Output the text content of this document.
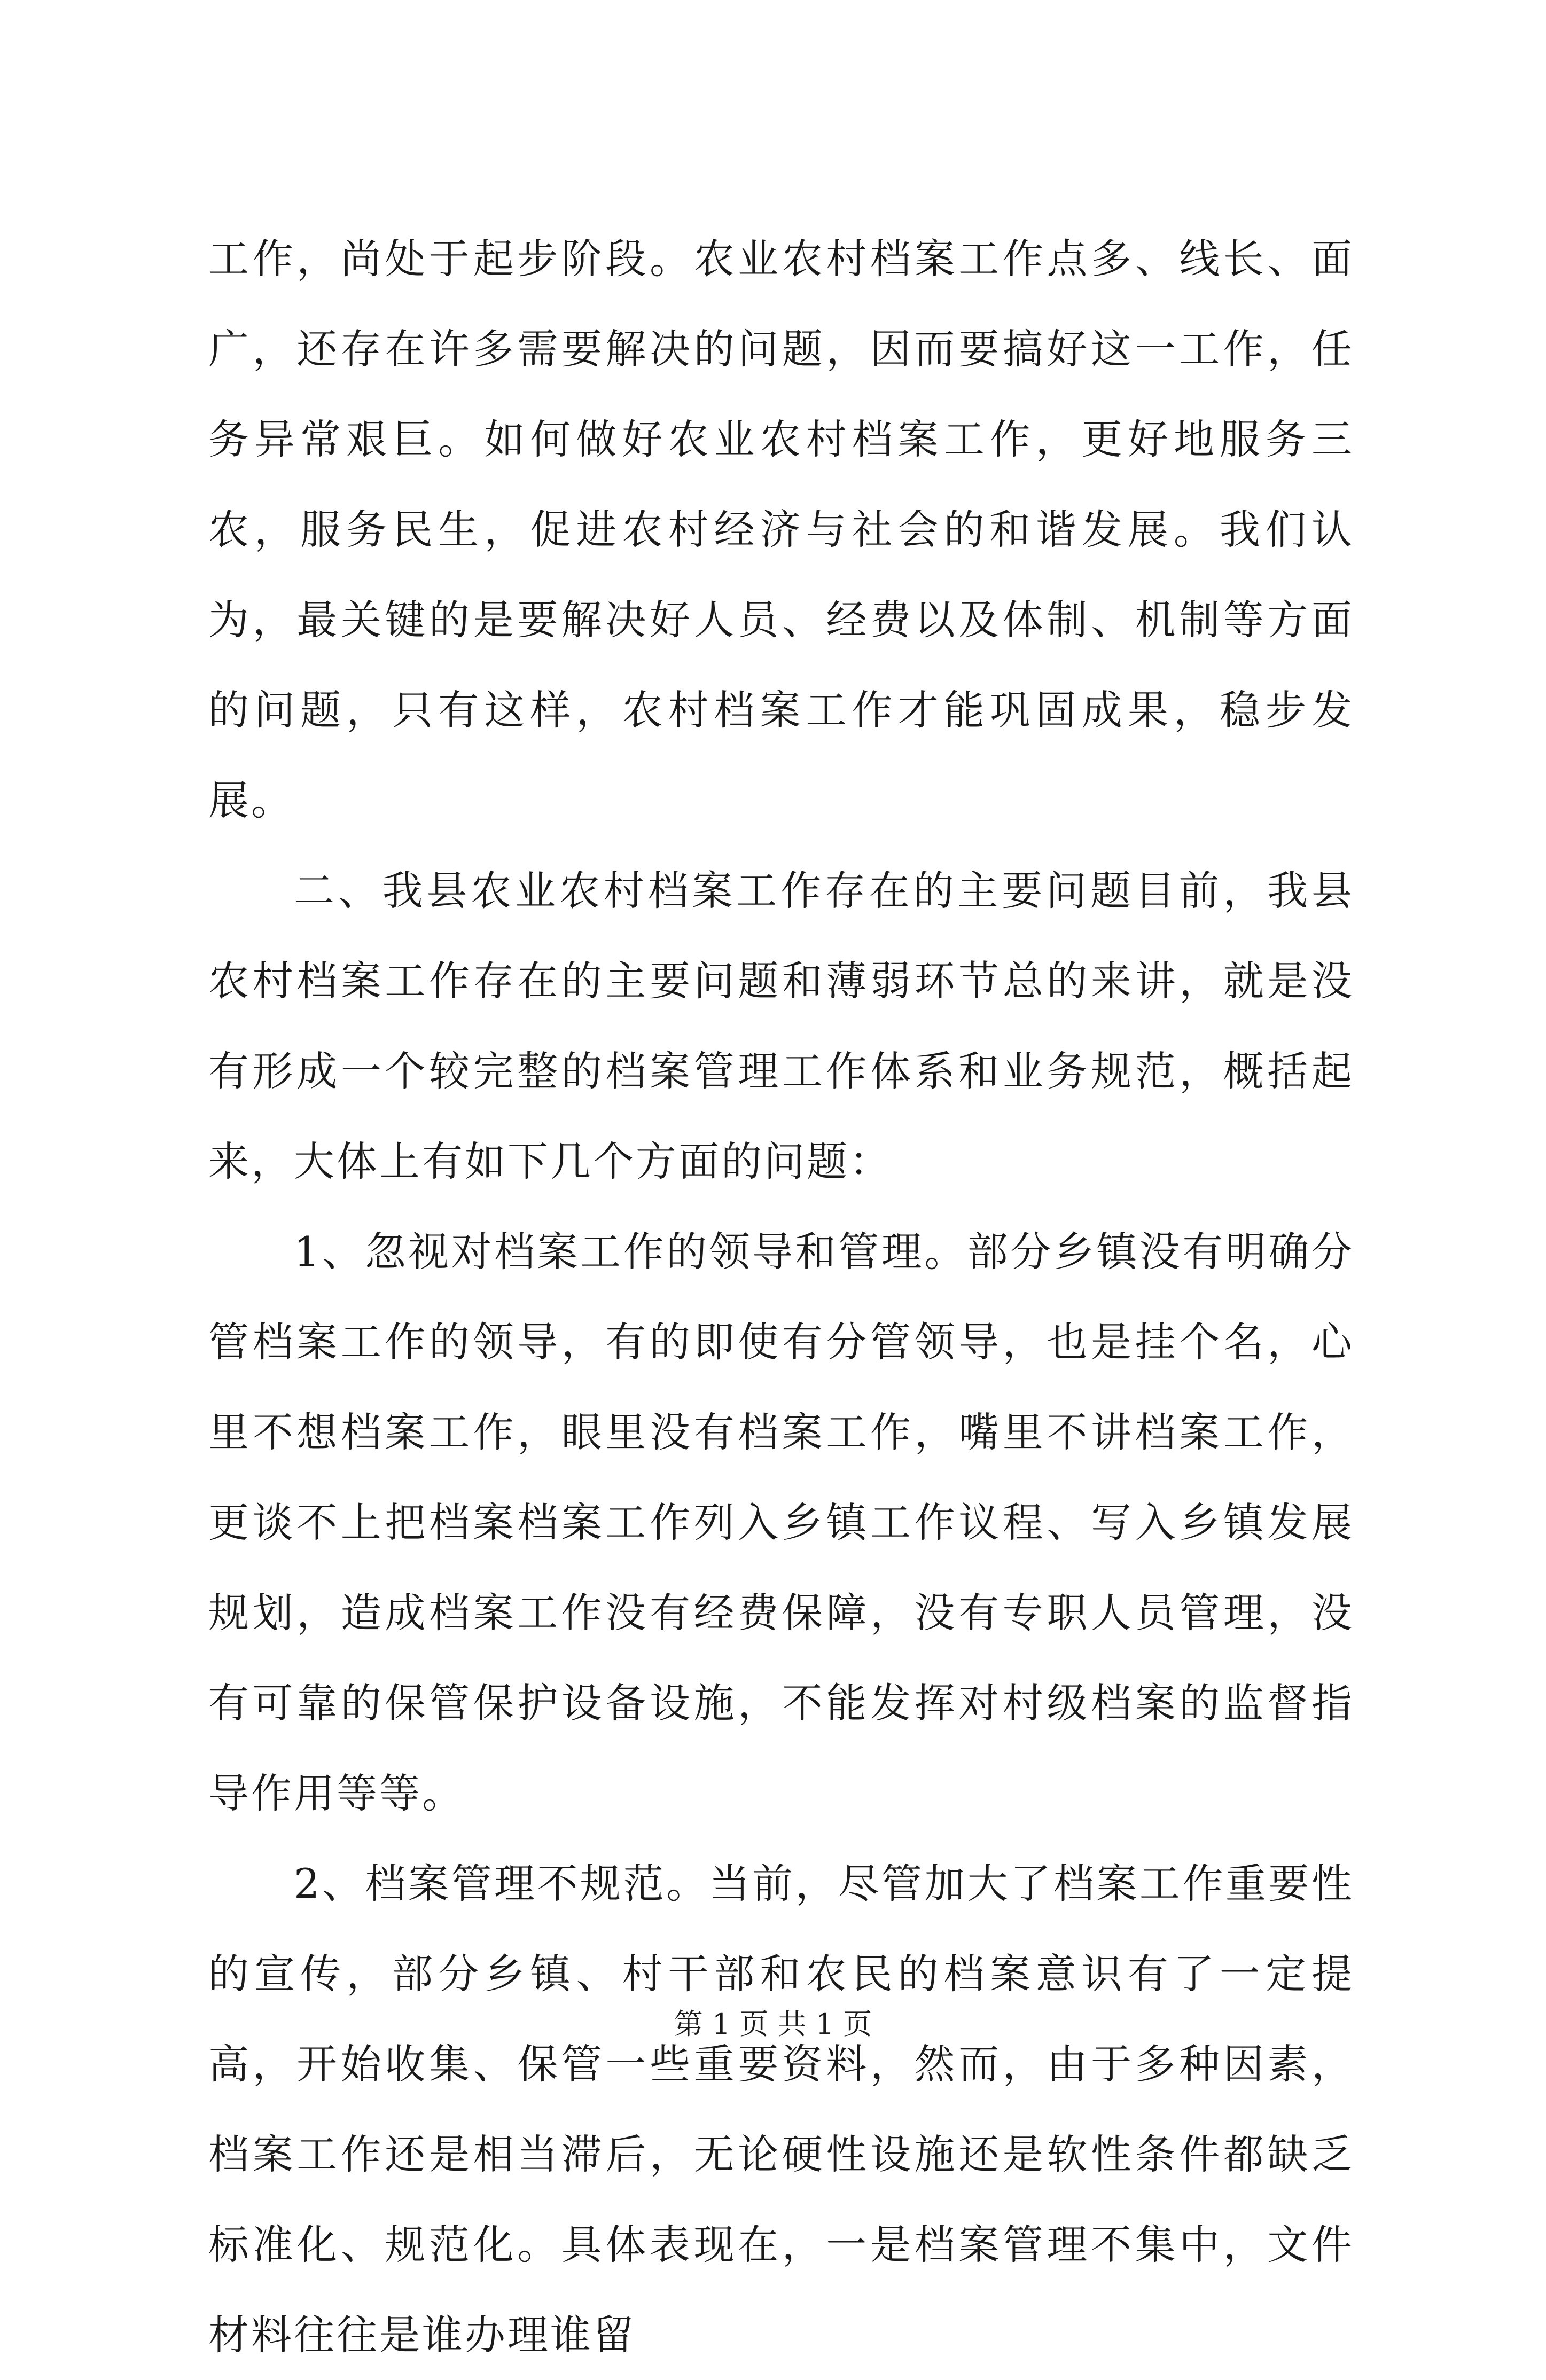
工作，尚处于起步阶段。农业农村档案工作点多、线长、面广，还存在许多需要解决的问题，因而要搞好这一工作，任务异常艰巨。如何做好农业农村档案工作，更好地服务三农，服务民生，促进农村经济与社会的和谐发展。我们认为，最关键的是要解决好人员、经费以及体制、机制等方面的问题，只有这样，农村档案工作才能巩固成果，稳步发展。

二、我县农业农村档案工作存在的主要问题目前，我县农村档案工作存在的主要问题和薄弱环节总的来讲，就是没有形成一个较完整的档案管理工作体系和业务规范，概括起来，大体上有如下几个方面的问题：

1、忽视对档案工作的领导和管理。部分乡镇没有明确分管档案工作的领导，有的即使有分管领导，也是挂个名，心里不想档案工作，眼里没有档案工作，嘴里不讲档案工作，更谈不上把档案档案工作列入乡镇工作议程、写入乡镇发展规划，造成档案工作没有经费保障，没有专职人员管理，没有可靠的保管保护设备设施，不能发挥对村级档案的监督指导作用等等。

2、档案管理不规范。当前，尽管加大了档案工作重要性的宣传，部分乡镇、村干部和农民的档案意识有了一定提高，开始收集、保管一些重要资料，然而，由于多种因素，档案工作还是相当滞后，无论硬性设施还是软性条件都缺乏标准化、规范化。具体表现在，一是档案管理不集中，文件材料往往是谁办理谁留

第 1 页 共 1 页
